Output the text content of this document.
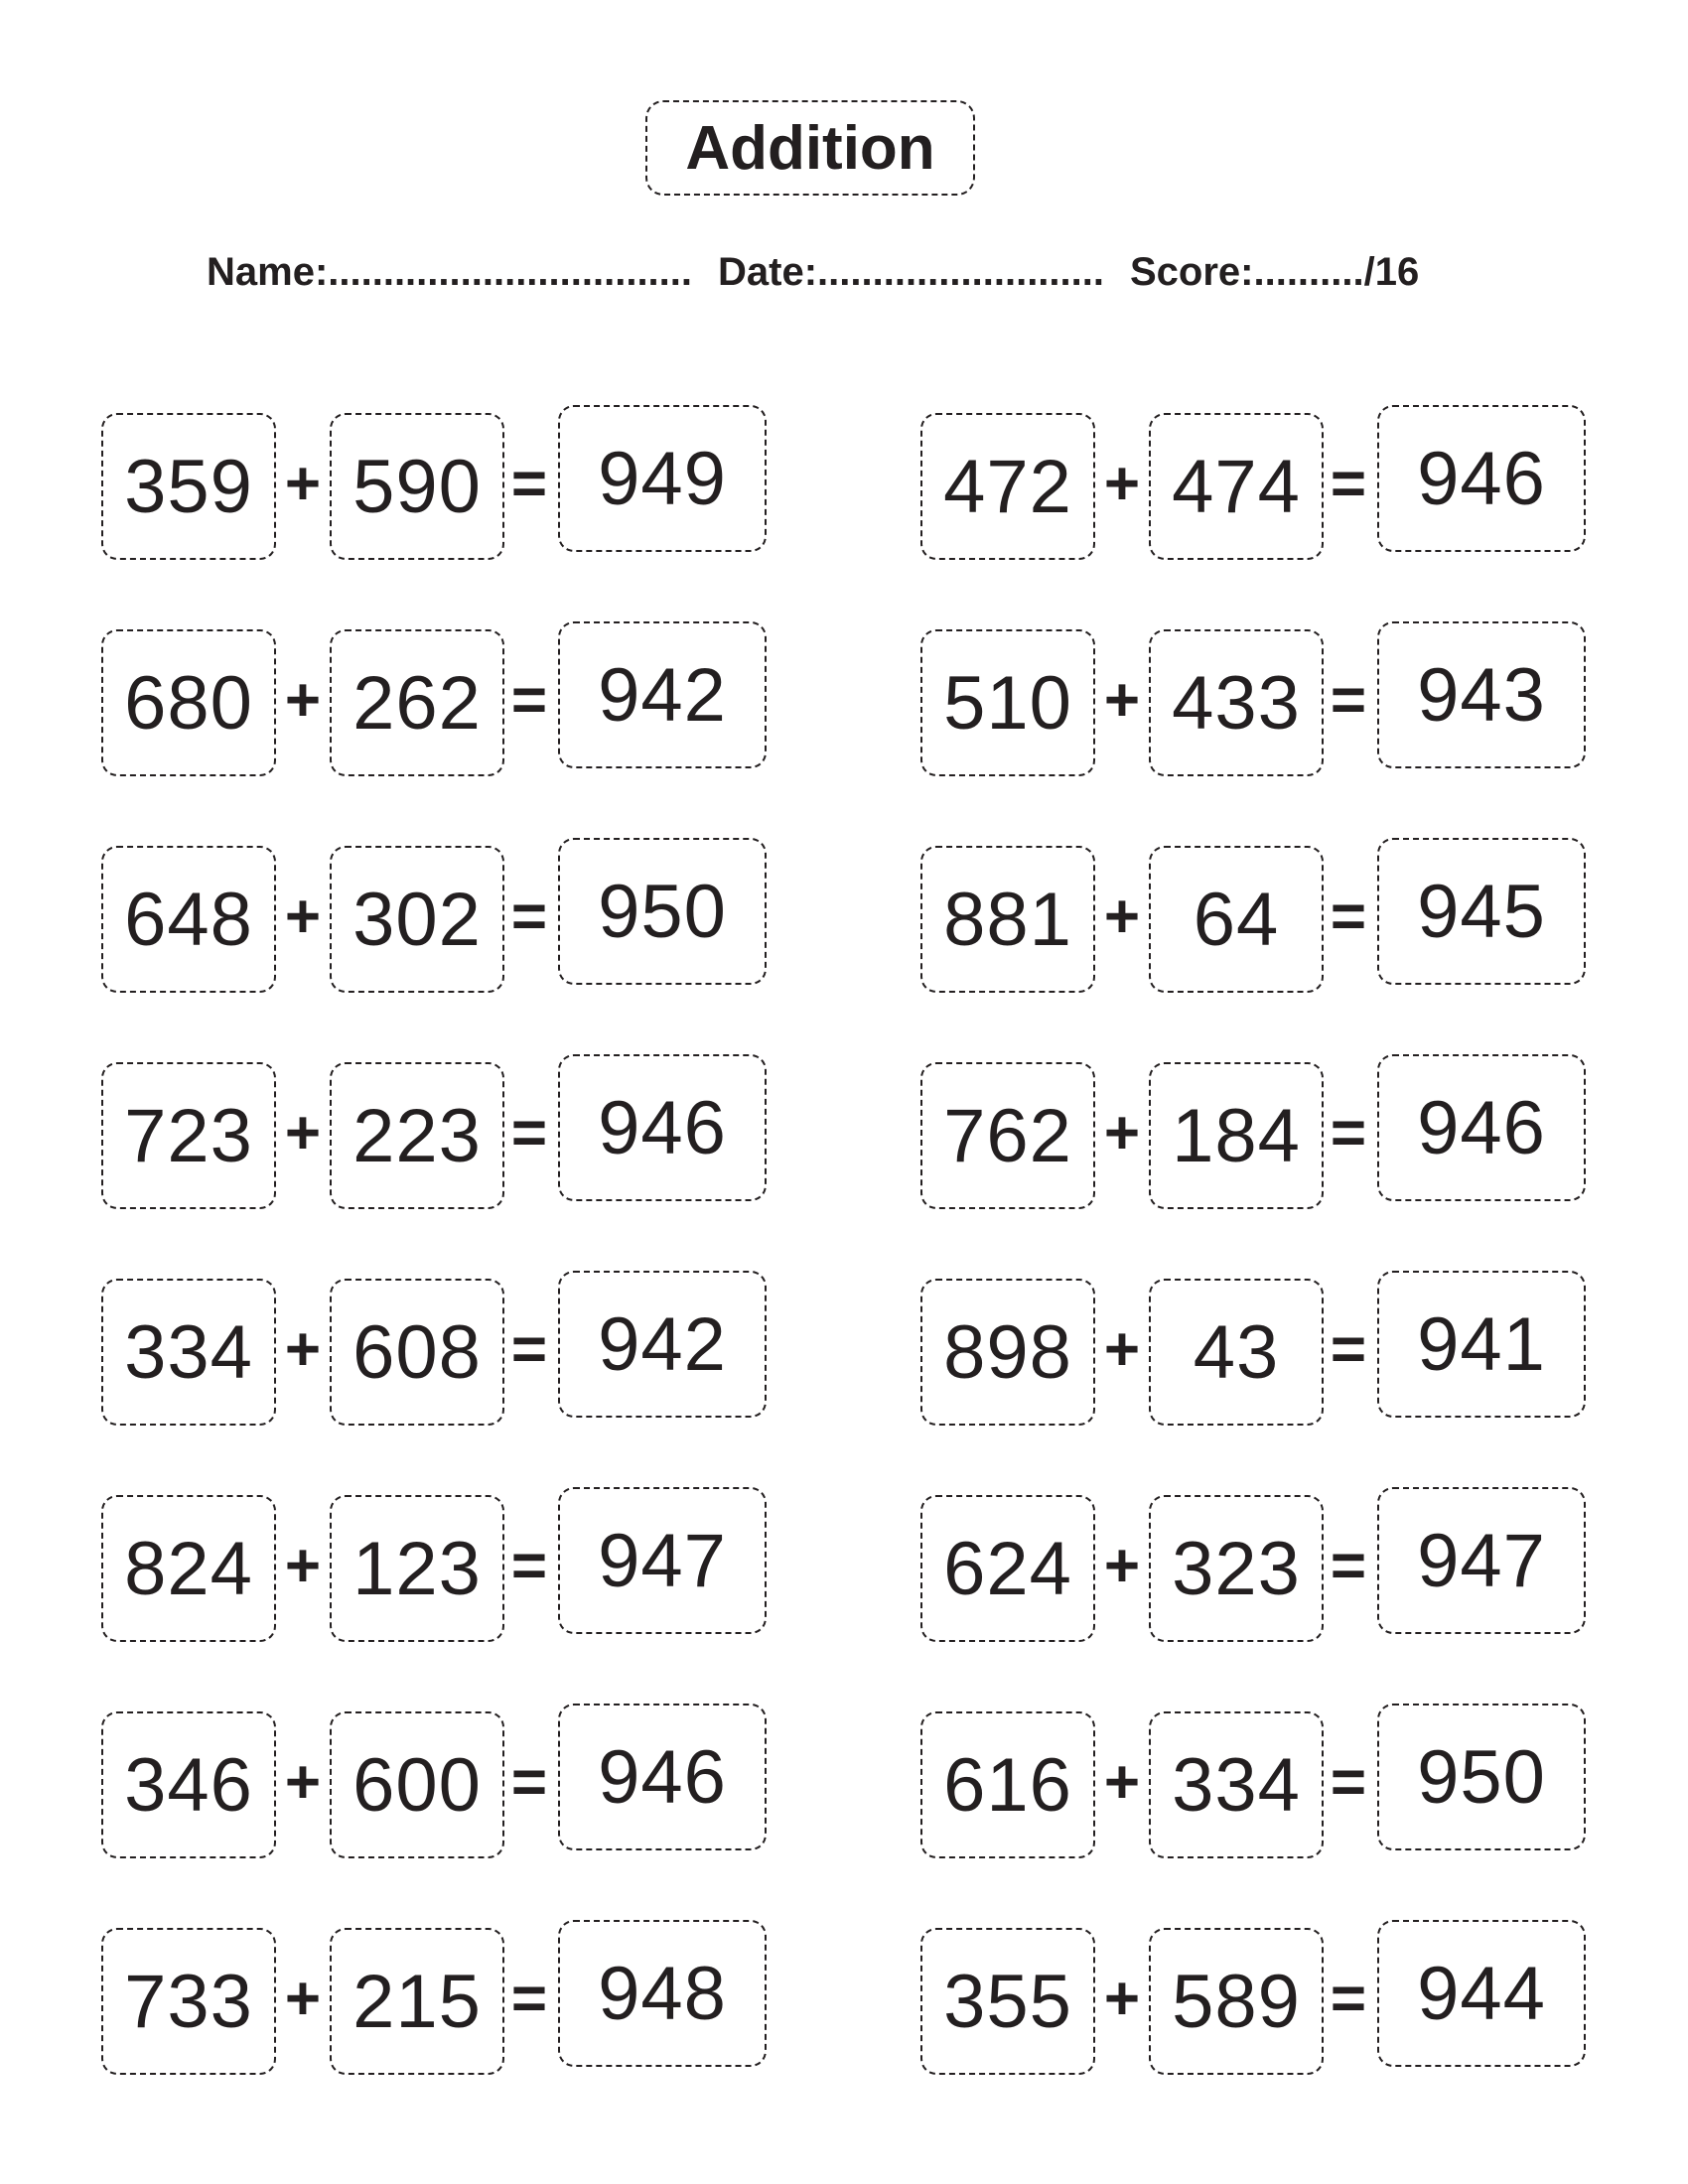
Addition
Name:................................. Date:.......................... Score:........../16
359 + 590 = 949	472 + 474 = 946
680 + 262 = 942	510 + 433 = 943
648 + 302 = 950	881 + 64 = 945
723 + 223 = 946	762 + 184 = 946
334 + 608 = 942	898 + 43 = 941
824 + 123 = 947	624 + 323 = 947
346 + 600 = 946	616 + 334 = 950
733 + 215 = 948	355 + 589 = 944
